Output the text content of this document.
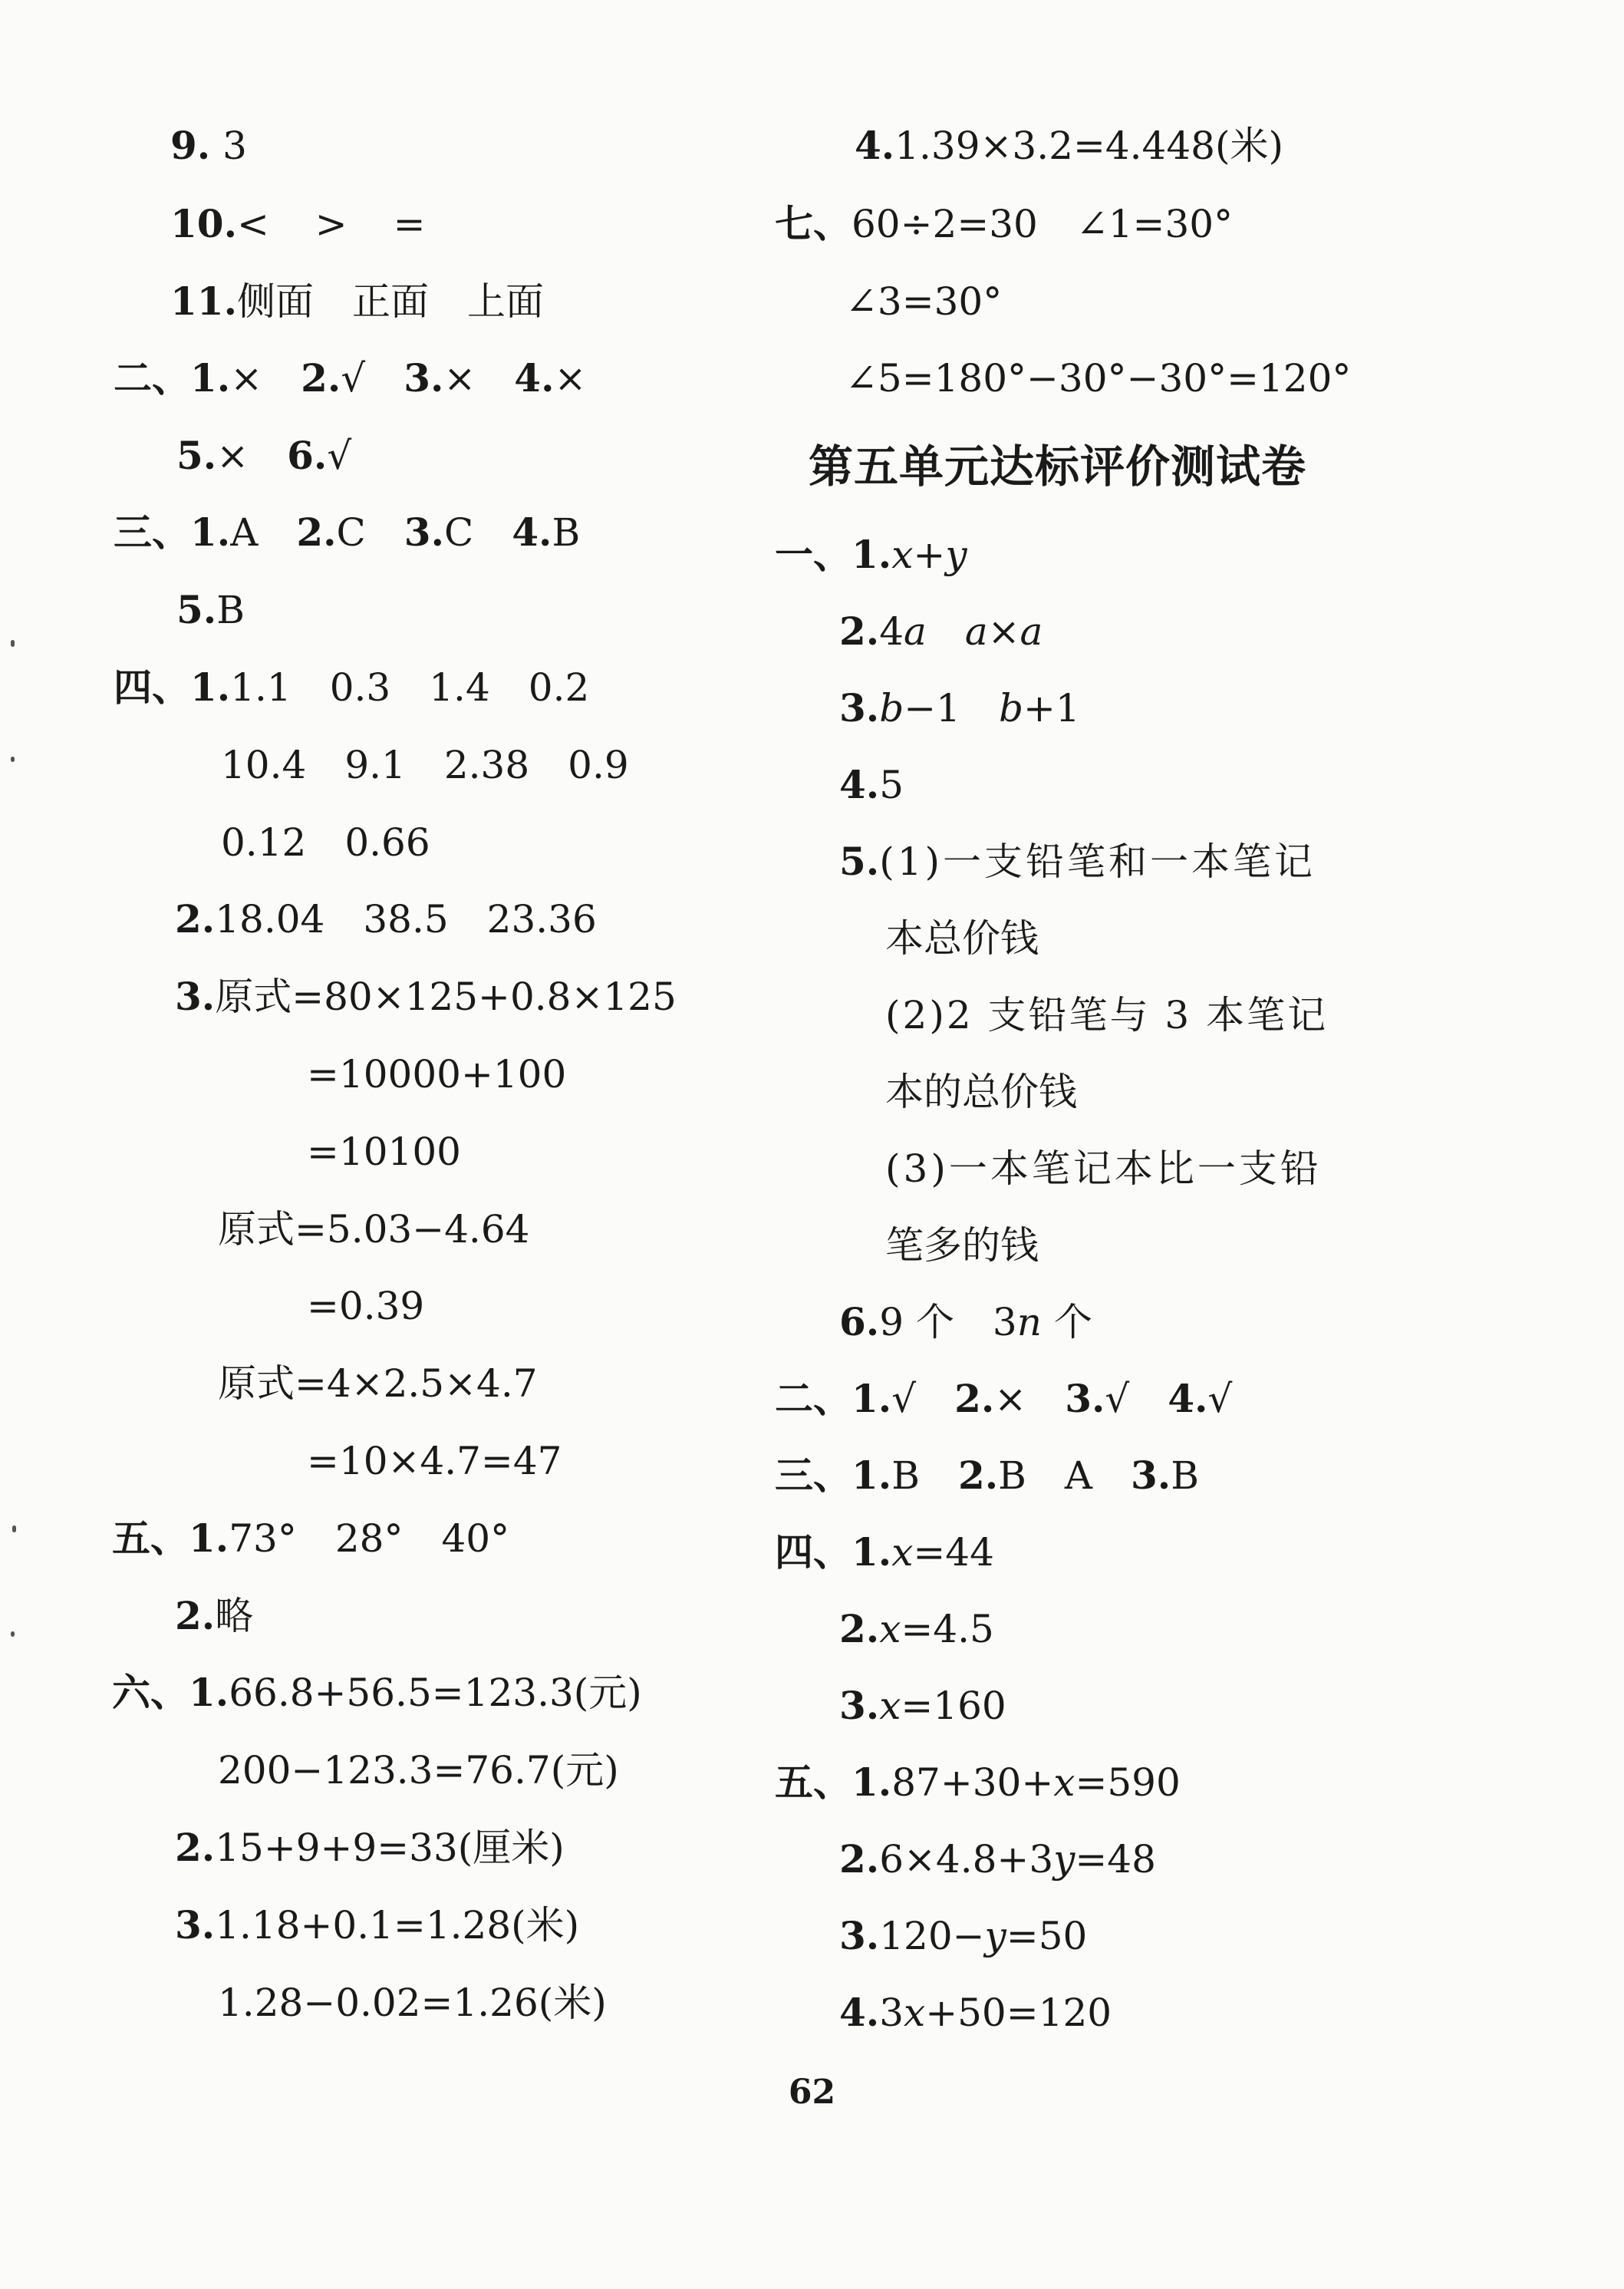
9. 3
10.< > =
11.侧面　正面　上面
二、1.×　2.√　3.×　4.×
5.×　6.√
三、1.A　2.C　3.C　4.B
5.B
四、1.1.1　0.3　1.4　0.2
10.4　9.1　2.38　0.9
0.12　0.66
2.18.04　38.5　23.36
3.原式=80×125+0.8×125
=10000+100
=10100
原式=5.03−4.64
=0.39
原式=4×2.5×4.7
=10×4.7=47
五、1.73°　28°　40°
2.略
六、1.66.8+56.5=123.3(元)
200−123.3=76.7(元)
2.15+9+9=33(厘米)
3.1.18+0.1=1.28(米)
1.28−0.02=1.26(米)
4.1.39×3.2=4.448(米)
七、60÷2=30　∠1=30°
∠3=30°
∠5=180°−30°−30°=120°
第五单元达标评价测试卷
一、1.x+y
2.4a　 a×a
3.b−1　b+1
4.5
5.(1)一支铅笔和一本笔记
本总价钱
(2)2 支铅笔与 3 本笔记
本的总价钱
(3)一本笔记本比一支铅
笔多的钱
6.9 个　3n 个
二、1.√　2.×　3.√　4.√
三、1.B　2.B　A　3.B
四、1.x=44
2.x=4.5
3.x=160
五、1.87+30+x=590
2.6×4.8+3y=48
3.120−y=50
4.3x+50=120
62
